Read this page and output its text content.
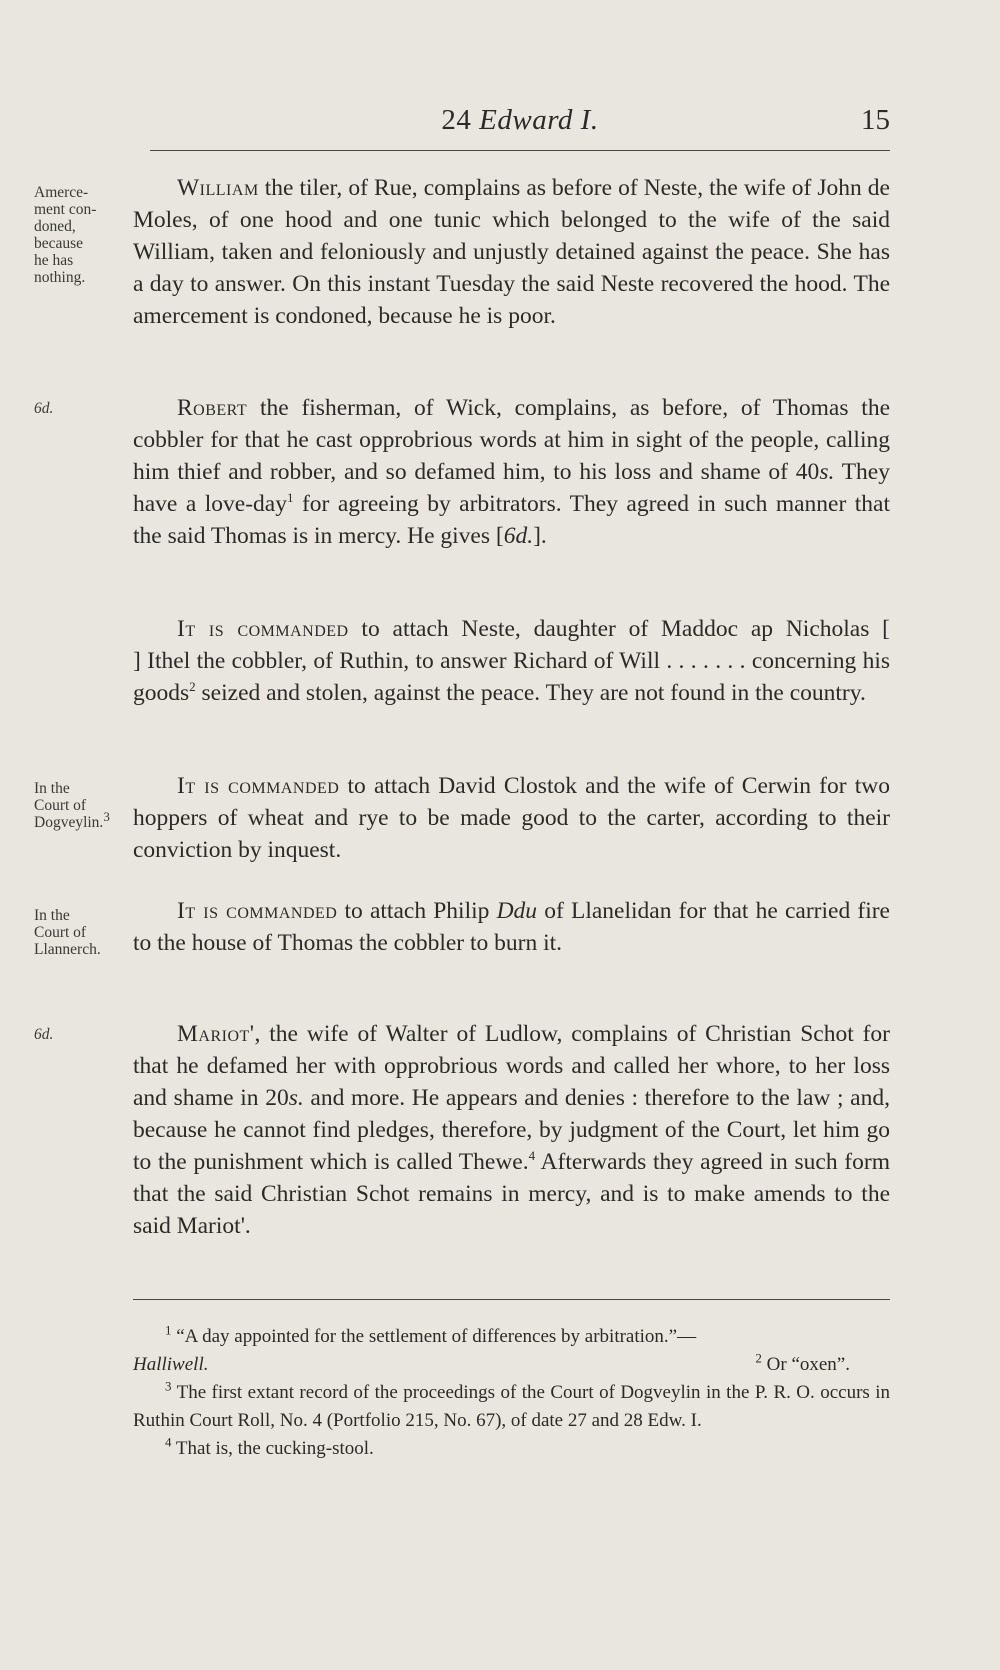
24 Edward I.	15
Amerce-
ment con-
doned,
because
he has
nothing.

William the tiler, of Rue, complains as before of Neste, the wife of John de Moles, of one hood and one tunic which belonged to the wife of the said William, taken and feloniously and unjustly detained against the peace. She has a day to answer. On this instant Tuesday the said Neste recovered the hood. The amercement is condoned, because he is poor.

6d.	Robert the fisherman, of Wick, complains, as before, of Thomas the cobbler for that he cast opprobrious words at him in sight of the people, calling him thief and robber, and so defamed him, to his loss and shame of 40s. They have a love-day$^1$ for agreeing by arbitrators. They agreed in such manner that the said Thomas is in mercy. He gives [6d.].

It is commanded to attach Neste, daughter of Maddoc ap Nicholas [            ] Ithel the cobbler, of Ruthin, to answer Richard of Will . . . . . . . concerning his goods$^2$ seized and stolen, against the peace. They are not found in the country.

In the
Court of
Dogveylin.$^3$

It is commanded to attach David Clostok and the wife of Cerwin for two hoppers of wheat and rye to be made good to the carter, according to their conviction by inquest.

In the
Court of
Llannerch.

It is commanded to attach Philip Ddu of Llanelidan for that he carried fire to the house of Thomas the cobbler to burn it.

6d.	Mariot', the wife of Walter of Ludlow, complains of Christian Schot for that he defamed her with opprobrious words and called her whore, to her loss and shame in 20s. and more. He appears and denies : therefore to the law ; and, because he cannot find pledges, therefore, by judgment of the Court, let him go to the punishment which is called Thewe.$^4$ Afterwards they agreed in such form that the said Christian Schot remains in mercy, and is to make amends to the said Mariot'.

$^1$ “A day appointed for the settlement of differences by arbitration.”—

Halliwell.	$^2$ Or “oxen”.

$^3$ The first extant record of the proceedings of the Court of Dogveylin in the P. R. O. occurs in Ruthin Court Roll, No. 4 (Portfolio 215, No. 67), of date 27 and 28 Edw. I.

$^4$ That is, the cucking-stool.
